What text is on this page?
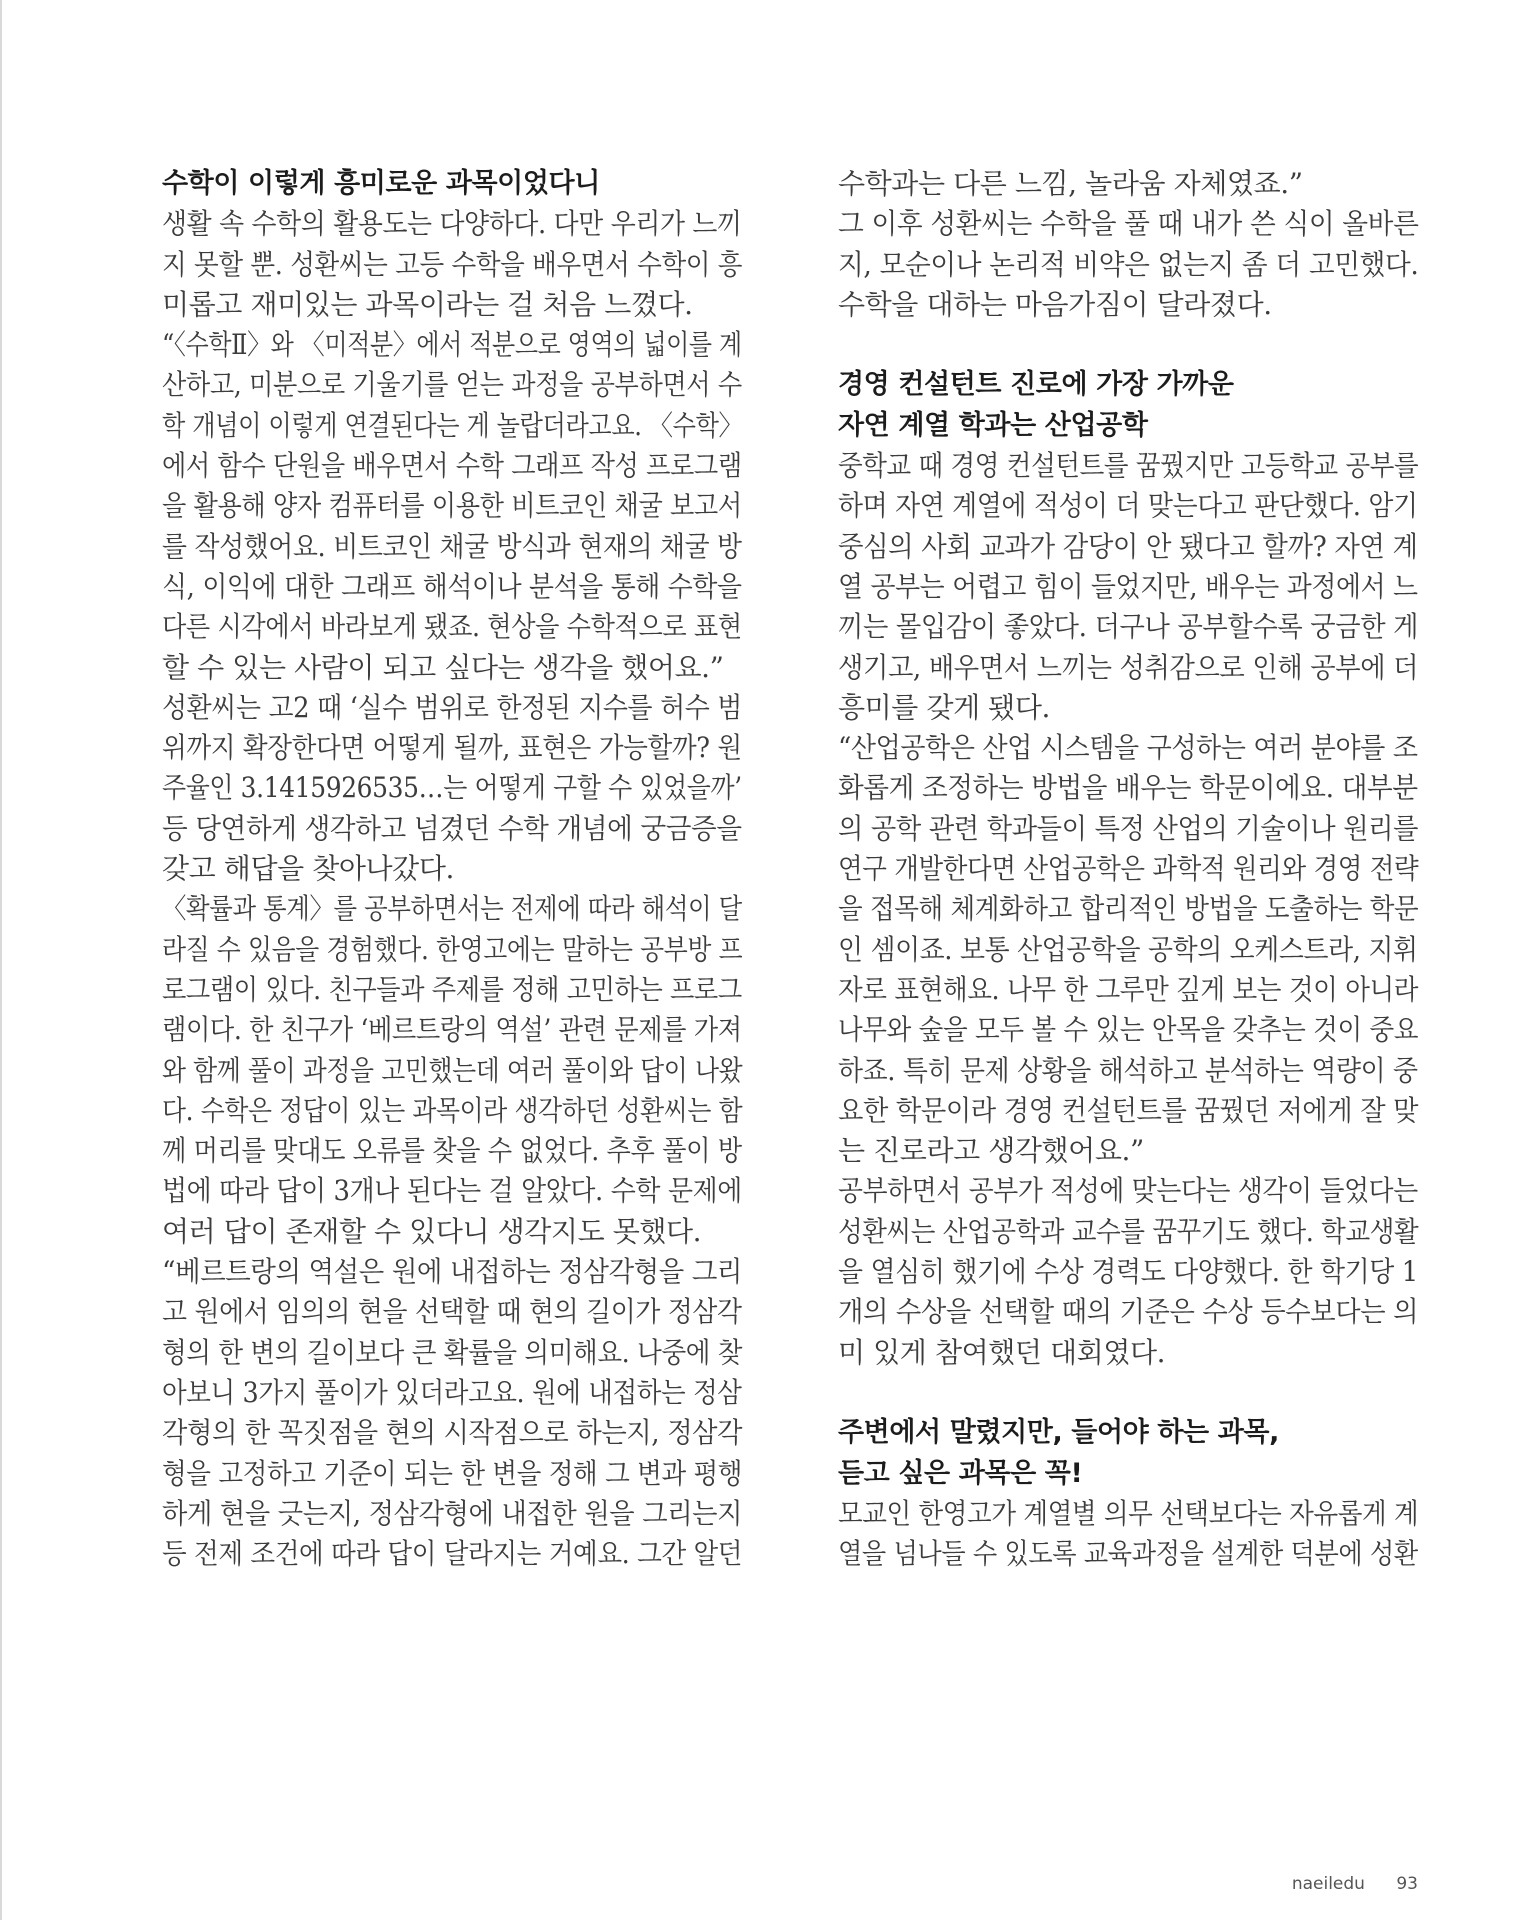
수학이 이렇게 흥미로운 과목이었다니

생활 속 수학의 활용도는 다양하다. 다만 우리가 느끼

지 못할 뿐. 성환씨는 고등 수학을 배우면서 수학이 흥

미롭고 재미있는 과목이라는 걸 처음 느꼈다.

“〈수학Ⅱ〉와 〈미적분〉에서 적분으로 영역의 넓이를 계

산하고, 미분으로 기울기를 얻는 과정을 공부하면서 수

학 개념이 이렇게 연결된다는 게 놀랍더라고요. 〈수학〉

에서 함수 단원을 배우면서 수학 그래프 작성 프로그램

을 활용해 양자 컴퓨터를 이용한 비트코인 채굴 보고서

를 작성했어요. 비트코인 채굴 방식과 현재의 채굴 방

식, 이익에 대한 그래프 해석이나 분석을 통해 수학을

다른 시각에서 바라보게 됐죠. 현상을 수학적으로 표현

할 수 있는 사람이 되고 싶다는 생각을 했어요.”

성환씨는 고2 때 ‘실수 범위로 한정된 지수를 허수 범

위까지 확장한다면 어떻게 될까, 표현은 가능할까? 원

주율인 3.1415926535…는 어떻게 구할 수 있었을까’

등 당연하게 생각하고 넘겼던 수학 개념에 궁금증을

갖고 해답을 찾아나갔다.

〈확률과 통계〉를 공부하면서는 전제에 따라 해석이 달

라질 수 있음을 경험했다. 한영고에는 말하는 공부방 프

로그램이 있다. 친구들과 주제를 정해 고민하는 프로그

램이다. 한 친구가 ‘베르트랑의 역설’ 관련 문제를 가져

와 함께 풀이 과정을 고민했는데 여러 풀이와 답이 나왔

다. 수학은 정답이 있는 과목이라 생각하던 성환씨는 함

께 머리를 맞대도 오류를 찾을 수 없었다. 추후 풀이 방

법에 따라 답이 3개나 된다는 걸 알았다. 수학 문제에

여러 답이 존재할 수 있다니 생각지도 못했다.

“베르트랑의 역설은 원에 내접하는 정삼각형을 그리

고 원에서 임의의 현을 선택할 때 현의 길이가 정삼각

형의 한 변의 길이보다 큰 확률을 의미해요. 나중에 찾

아보니 3가지 풀이가 있더라고요. 원에 내접하는 정삼

각형의 한 꼭짓점을 현의 시작점으로 하는지, 정삼각

형을 고정하고 기준이 되는 한 변을 정해 그 변과 평행

하게 현을 긋는지, 정삼각형에 내접한 원을 그리는지

등 전제 조건에 따라 답이 달라지는 거예요. 그간 알던

수학과는 다른 느낌, 놀라움 자체였죠.”

그 이후 성환씨는 수학을 풀 때 내가 쓴 식이 올바른

지, 모순이나 논리적 비약은 없는지 좀 더 고민했다.

수학을 대하는 마음가짐이 달라졌다.

경영 컨설턴트 진로에 가장 가까운

자연 계열 학과는 산업공학

중학교 때 경영 컨설턴트를 꿈꿨지만 고등학교 공부를

하며 자연 계열에 적성이 더 맞는다고 판단했다. 암기

중심의 사회 교과가 감당이 안 됐다고 할까? 자연 계

열 공부는 어렵고 힘이 들었지만, 배우는 과정에서 느

끼는 몰입감이 좋았다. 더구나 공부할수록 궁금한 게

생기고, 배우면서 느끼는 성취감으로 인해 공부에 더

흥미를 갖게 됐다.

“산업공학은 산업 시스템을 구성하는 여러 분야를 조

화롭게 조정하는 방법을 배우는 학문이에요. 대부분

의 공학 관련 학과들이 특정 산업의 기술이나 원리를

연구 개발한다면 산업공학은 과학적 원리와 경영 전략

을 접목해 체계화하고 합리적인 방법을 도출하는 학문

인 셈이죠. 보통 산업공학을 공학의 오케스트라, 지휘

자로 표현해요. 나무 한 그루만 깊게 보는 것이 아니라

나무와 숲을 모두 볼 수 있는 안목을 갖추는 것이 중요

하죠. 특히 문제 상황을 해석하고 분석하는 역량이 중

요한 학문이라 경영 컨설턴트를 꿈꿨던 저에게 잘 맞

는 진로라고 생각했어요.”

공부하면서 공부가 적성에 맞는다는 생각이 들었다는

성환씨는 산업공학과 교수를 꿈꾸기도 했다. 학교생활

을 열심히 했기에 수상 경력도 다양했다. 한 학기당 1

개의 수상을 선택할 때의 기준은 수상 등수보다는 의

미 있게 참여했던 대회였다.

주변에서 말렸지만, 들어야 하는 과목,

듣고 싶은 과목은 꼭!

모교인 한영고가 계열별 의무 선택보다는 자유롭게 계

열을 넘나들 수 있도록 교육과정을 설계한 덕분에 성환

naeiledu 93
